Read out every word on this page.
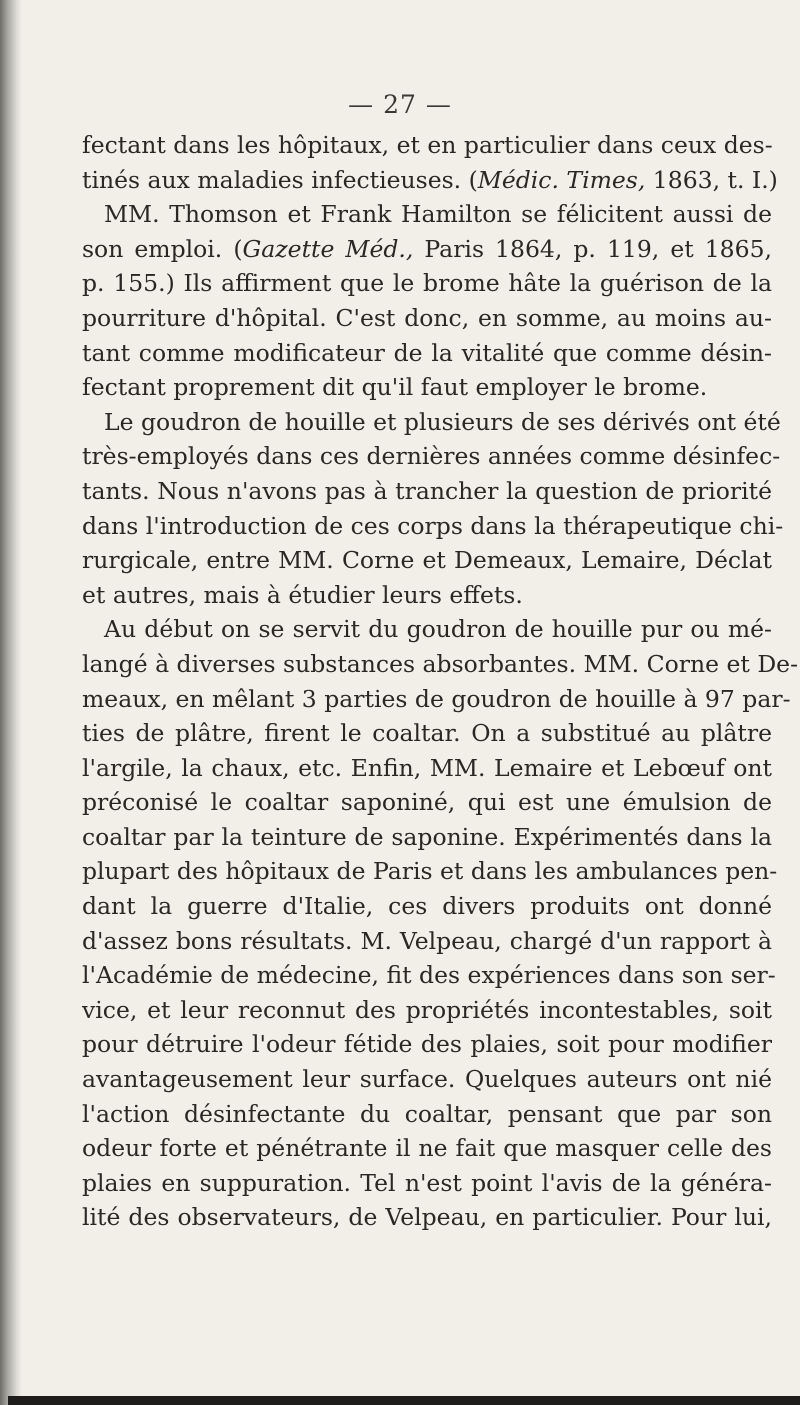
— 27 —
fectant dans les hôpitaux, et en particulier dans ceux des-
tinés aux maladies infectieuses. (Médic. Times, 1863, t. I.)
MM. Thomson et Frank Hamilton se félicitent aussi de
son emploi. (Gazette Méd., Paris 1864, p. 119, et 1865,
p. 155.) Ils affirment que le brome hâte la guérison de la
pourriture d'hôpital. C'est donc, en somme, au moins au-
tant comme modificateur de la vitalité que comme désin-
fectant proprement dit qu'il faut employer le brome.
Le goudron de houille et plusieurs de ses dérivés ont été
très-employés dans ces dernières années comme désinfec-
tants. Nous n'avons pas à trancher la question de priorité
dans l'introduction de ces corps dans la thérapeutique chi-
rurgicale, entre MM. Corne et Demeaux, Lemaire, Déclat
et autres, mais à étudier leurs effets.
Au début on se servit du goudron de houille pur ou mé-
langé à diverses substances absorbantes. MM. Corne et De-
meaux, en mêlant 3 parties de goudron de houille à 97 par-
ties de plâtre, firent le coaltar. On a substitué au plâtre
l'argile, la chaux, etc. Enfin, MM. Lemaire et Lebœuf ont
préconisé le coaltar saponiné, qui est une émulsion de
coaltar par la teinture de saponine. Expérimentés dans la
plupart des hôpitaux de Paris et dans les ambulances pen-
dant la guerre d'Italie, ces divers produits ont donné
d'assez bons résultats. M. Velpeau, chargé d'un rapport à
l'Académie de médecine, fit des expériences dans son ser-
vice, et leur reconnut des propriétés incontestables, soit
pour détruire l'odeur fétide des plaies, soit pour modifier
avantageusement leur surface. Quelques auteurs ont nié
l'action désinfectante du coaltar, pensant que par son
odeur forte et pénétrante il ne fait que masquer celle des
plaies en suppuration. Tel n'est point l'avis de la généra-
lité des observateurs, de Velpeau, en particulier. Pour lui,
